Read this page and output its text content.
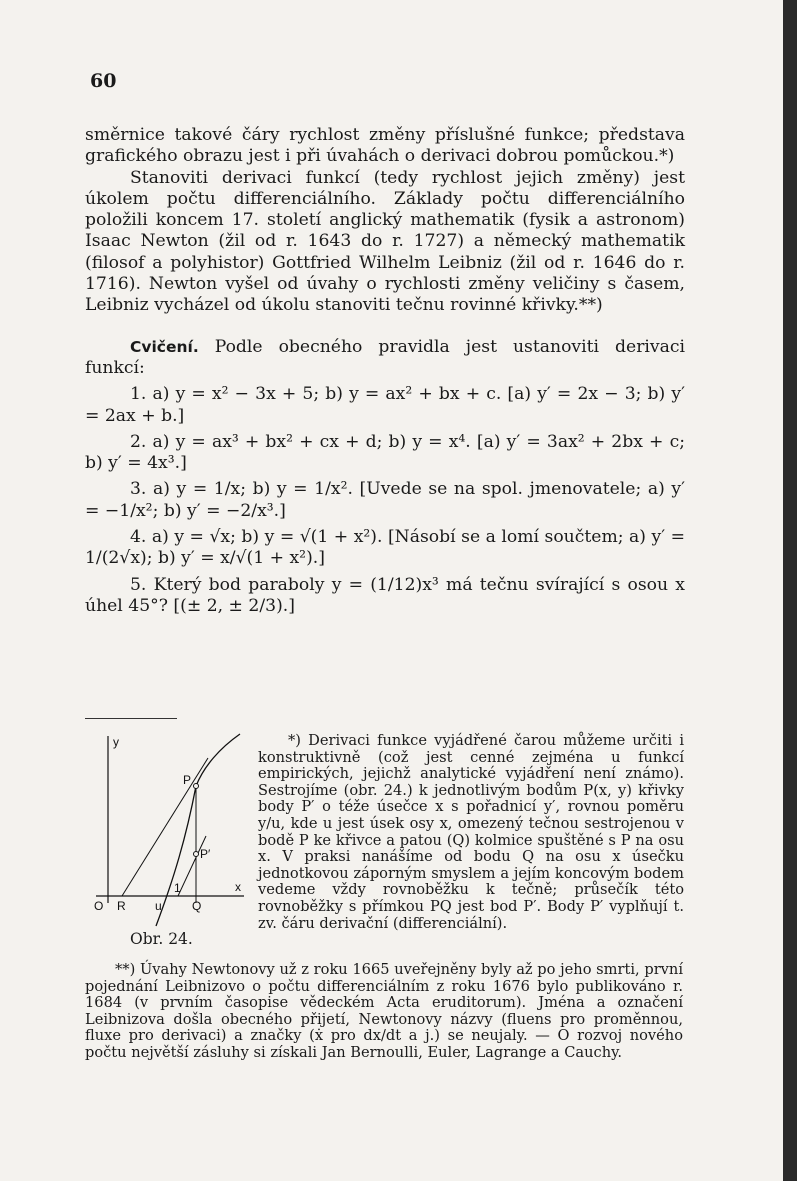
60

směrnice takové čáry rychlost změny příslušné funkce; představa grafického obrazu jest i při úvahách o derivaci dobrou pomůckou.*)

Stanoviti derivaci funkcí (tedy rychlost jejich změny) jest úkolem počtu differenciálního. Základy počtu differenciálního položili koncem 17. století anglický mathematik (fysik a astronom) Isaac Newton (žil od r. 1643 do r. 1727) a německý mathematik (filosof a polyhistor) Gottfried Wilhelm Leibniz (žil od r. 1646 do r. 1716). Newton vyšel od úvahy o rychlosti změny veličiny s časem, Leibniz vycházel od úkolu stanoviti tečnu rovinné křivky.**)

Cvičení. Podle obecného pravidla jest ustanoviti derivaci funkcí:

1. a) y = x² − 3x + 5; b) y = ax² + bx + c. [a) y′ = 2x − 3; b) y′ = 2ax + b.]

2. a) y = ax³ + bx² + cx + d; b) y = x⁴. [a) y′ = 3ax² + 2bx + c; b) y′ = 4x³.]

3. a) y = 1/x; b) y = 1/x². [Uvede se na spol. jmenovatele; a) y′ = −1/x²; b) y′ = −2/x³.]

4. a) y = √x; b) y = √(1 + x²). [Násobí se a lomí součtem; a) y′ = 1/(2√x); b) y′ = x/√(1 + x²).]

5. Který bod paraboly y = (1/12)x³ má tečnu svírající s osou x úhel 45°? [(± 2, ± 2/3).]

y
x
O R u
1
Q
P
P′
Obr. 24.

*) Derivaci funkce vyjádřené čarou můžeme určiti i konstruktivně (což jest cenné zejména u funkcí empirických, jejichž analytické vyjádření není známo). Sestrojíme (obr. 24.) k jednotlivým bodům P(x, y) křivky body P′ o téže úsečce x s pořadnicí y′, rovnou poměru y/u, kde u jest úsek osy x, omezený tečnou sestrojenou v bodě P ke křivce a patou (Q) kolmice spuštěné s P na osu x. V praksi nanášíme od bodu Q na osu x úsečku jednotkovou záporným smyslem a jejím koncovým bodem vedeme vždy rovnoběžku k tečně; průsečík této rovnoběžky s přímkou PQ jest bod P′. Body P′ vyplňují t. zv. čáru derivační (differenciální).

**) Úvahy Newtonovy už z roku 1665 uveřejněny byly až po jeho smrti, první pojednání Leibnizovo o počtu differenciálním z roku 1676 bylo publikováno r. 1684 (v prvním časopise vědeckém Acta eruditorum). Jména a označení Leibnizova došla obecného přijetí, Newtonovy názvy (fluens pro proměnnou, fluxe pro derivaci) a značky (ẋ pro dx/dt a j.) se neujaly. — O rozvoj nového počtu největší zásluhy si získali Jan Bernoulli, Euler, Lagrange a Cauchy.
